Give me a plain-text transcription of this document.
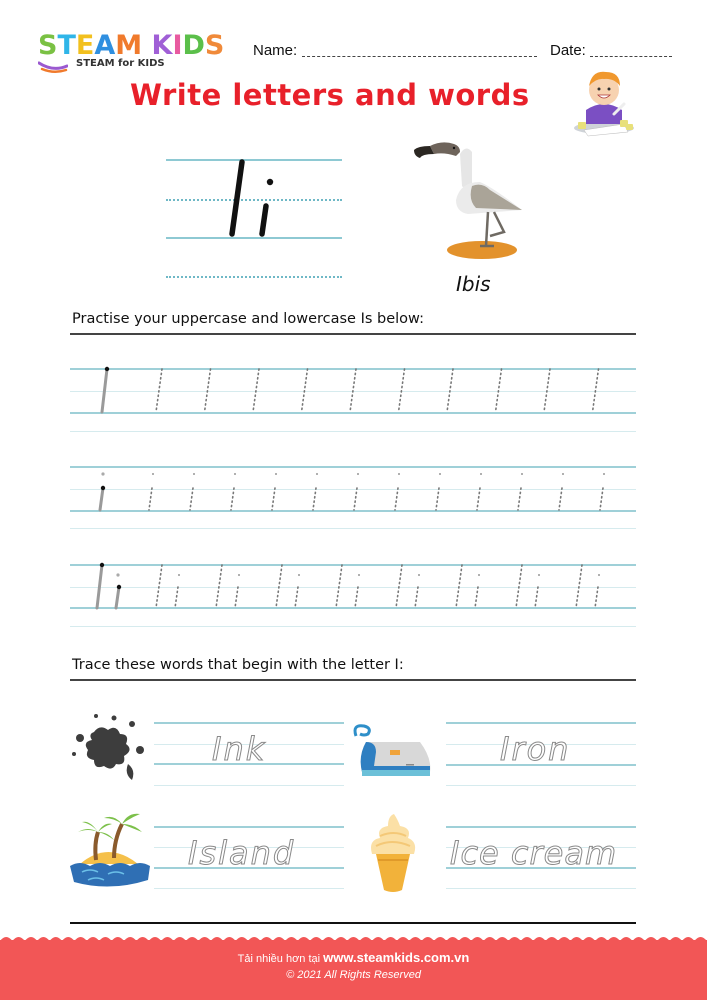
STEAM KIDS
STEAM for KIDS
Name:	Date:
Write letters and words
Ibis
Practise your uppercase and lowercase Is below:
Trace these words that begin with the letter I:
Ink	Iron
Island	Ice cream
Tải nhiều hơn tại www.steamkids.com.vn
© 2021 All Rights Reserved
